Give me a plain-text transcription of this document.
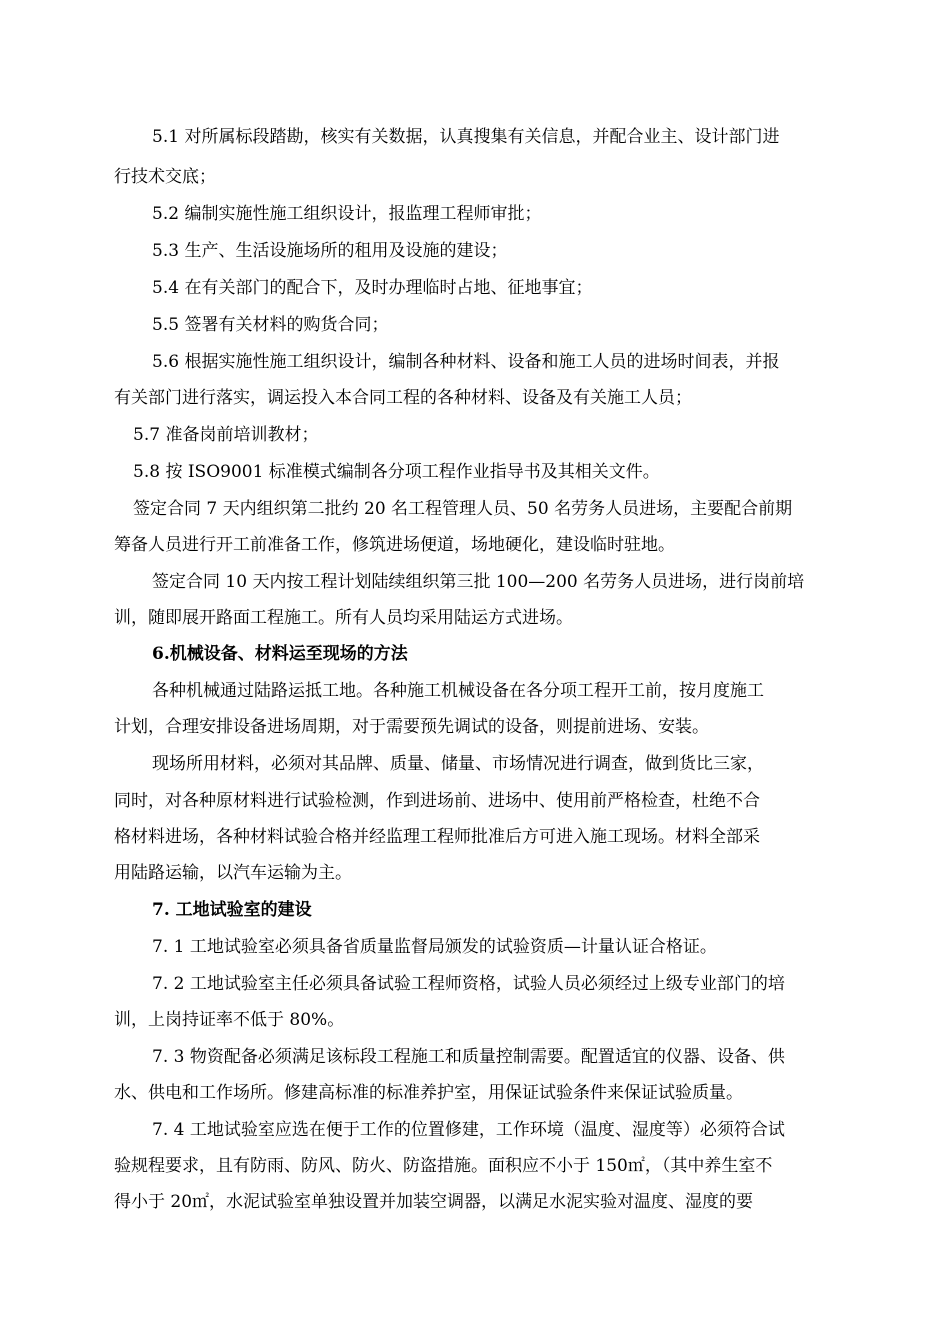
5.1 对所属标段踏勘，核实有关数据，认真搜集有关信息，并配合业主、设计部门进
行技术交底；
5.2 编制实施性施工组织设计，报监理工程师审批；
5.3 生产、生活设施场所的租用及设施的建设；
5.4 在有关部门的配合下，及时办理临时占地、征地事宜；
5.5 签署有关材料的购货合同；
5.6 根据实施性施工组织设计，编制各种材料、设备和施工人员的进场时间表，并报
有关部门进行落实，调运投入本合同工程的各种材料、设备及有关施工人员；
5.7 准备岗前培训教材；
5.8 按 ISO9001 标准模式编制各分项工程作业指导书及其相关文件。
签定合同 7 天内组织第二批约 20 名工程管理人员、50 名劳务人员进场，主要配合前期
筹备人员进行开工前准备工作，修筑进场便道，场地硬化，建设临时驻地。
签定合同 10 天内按工程计划陆续组织第三批 100—200 名劳务人员进场，进行岗前培
训，随即展开路面工程施工。所有人员均采用陆运方式进场。
6.机械设备、材料运至现场的方法
各种机械通过陆路运抵工地。各种施工机械设备在各分项工程开工前，按月度施工
计划，合理安排设备进场周期，对于需要预先调试的设备，则提前进场、安装。
现场所用材料，必须对其品牌、质量、储量、市场情况进行调查，做到货比三家，
同时，对各种原材料进行试验检测，作到进场前、进场中、使用前严格检查，杜绝不合
格材料进场，各种材料试验合格并经监理工程师批准后方可进入施工现场。材料全部采
用陆路运输，以汽车运输为主。
7. 工地试验室的建设
7. 1 工地试验室必须具备省质量监督局颁发的试验资质—计量认证合格证。
7. 2 工地试验室主任必须具备试验工程师资格，试验人员必须经过上级专业部门的培
训，上岗持证率不低于 80%。
7. 3 物资配备必须满足该标段工程施工和质量控制需要。配置适宜的仪器、设备、供
水、供电和工作场所。修建高标准的标准养护室，用保证试验条件来保证试验质量。
7. 4 工地试验室应选在便于工作的位置修建，工作环境（温度、湿度等）必须符合试
验规程要求，且有防雨、防风、防火、防盗措施。面积应不小于 150㎡，（其中养生室不
得小于 20㎡，水泥试验室单独设置并加装空调器，以满足水泥实验对温度、湿度的要
